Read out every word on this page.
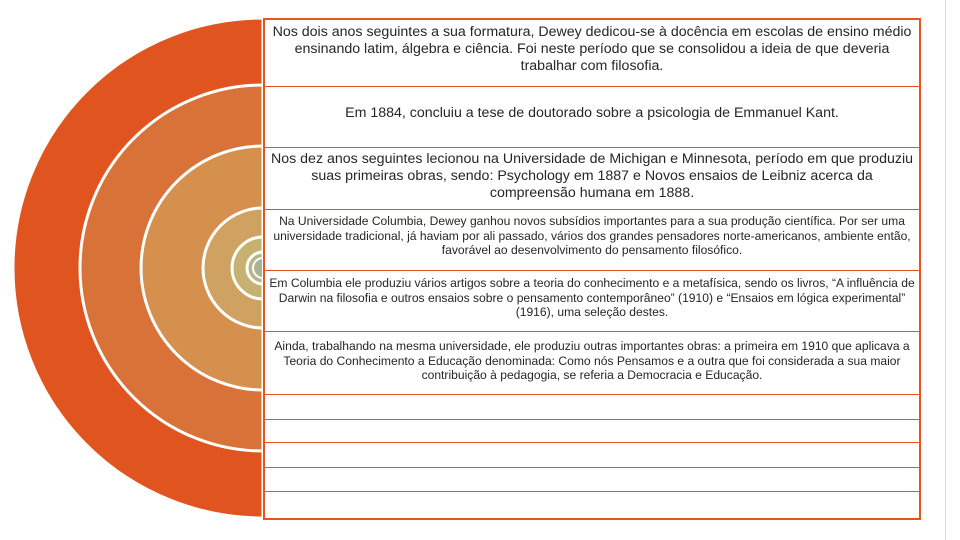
Nos dois anos seguintes a sua formatura, Dewey dedicou-se à docência em escolas de ensino médio ensinando latim, álgebra e ciência. Foi neste período que se consolidou a ideia de que deveria trabalhar com filosofia.
Em 1884, concluiu a tese de doutorado sobre a psicologia de Emmanuel Kant.
Nos dez anos seguintes lecionou na Universidade de Michigan e Minnesota, período em que produziu suas primeiras obras, sendo: Psychology em 1887 e Novos ensaios de Leibniz acerca da compreensão humana em 1888.
Na Universidade Columbia, Dewey ganhou novos subsídios importantes para a sua produção científica. Por ser uma universidade tradicional, já haviam por ali passado, vários dos grandes pensadores norte-americanos, ambiente então, favorável ao desenvolvimento do pensamento filosófico.
Em Columbia ele produziu vários artigos sobre a teoria do conhecimento e a metafísica, sendo os livros, “A influência de Darwin na filosofia e outros ensaios sobre o pensamento contemporâneo” (1910) e “Ensaios em lógica experimental” (1916), uma seleção destes.
Ainda, trabalhando na mesma universidade, ele produziu outras importantes obras: a primeira em 1910 que aplicava a Teoria do Conhecimento a Educação denominada: Como nós Pensamos e a outra que foi considerada a sua maior contribuição à pedagogia, se referia a Democracia e Educação.
